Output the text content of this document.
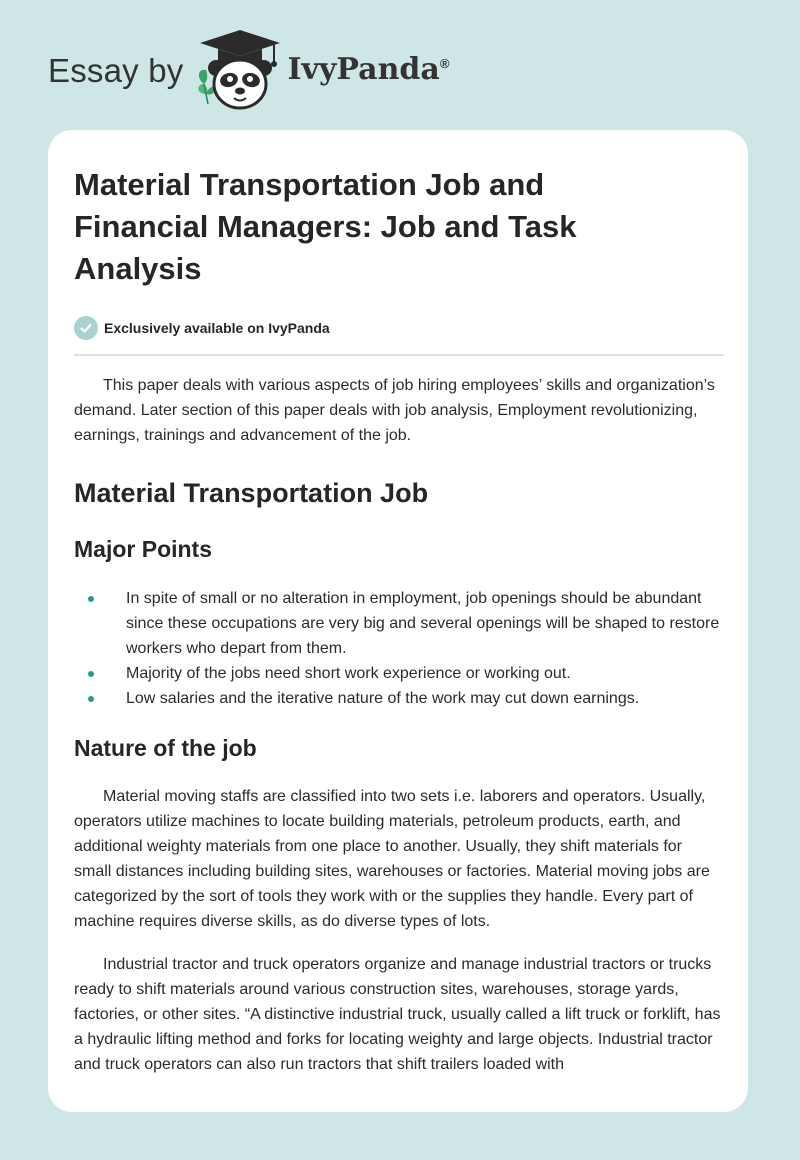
Essay by	IvyPanda®
Material Transportation Job and Financial Managers: Job and Task Analysis
Exclusively available on IvyPanda

This paper deals with various aspects of job hiring employees’ skills and organization’s demand. Later section of this paper deals with job analysis, Employment revolutionizing, earnings, trainings and advancement of the job.

Material Transportation Job
Major Points
In spite of small or no alteration in employment, job openings should be abundant since these occupations are very big and several openings will be shaped to restore workers who depart from them.
Majority of the jobs need short work experience or working out.
Low salaries and the iterative nature of the work may cut down earnings.
Nature of the job

Material moving staffs are classified into two sets i.e. laborers and operators. Usually, operators utilize machines to locate building materials, petroleum products, earth, and additional weighty materials from one place to another. Usually, they shift materials for small distances including building sites, warehouses or factories. Material moving jobs are categorized by the sort of tools they work with or the supplies they handle. Every part of machine requires diverse skills, as do diverse types of lots.

Industrial tractor and truck operators organize and manage industrial tractors or trucks ready to shift materials around various construction sites, warehouses, storage yards, factories, or other sites. “A distinctive industrial truck, usually called a lift truck or forklift, has a hydraulic lifting method and forks for locating weighty and large objects. Industrial tractor and truck operators can also run tractors that shift trailers loaded with
